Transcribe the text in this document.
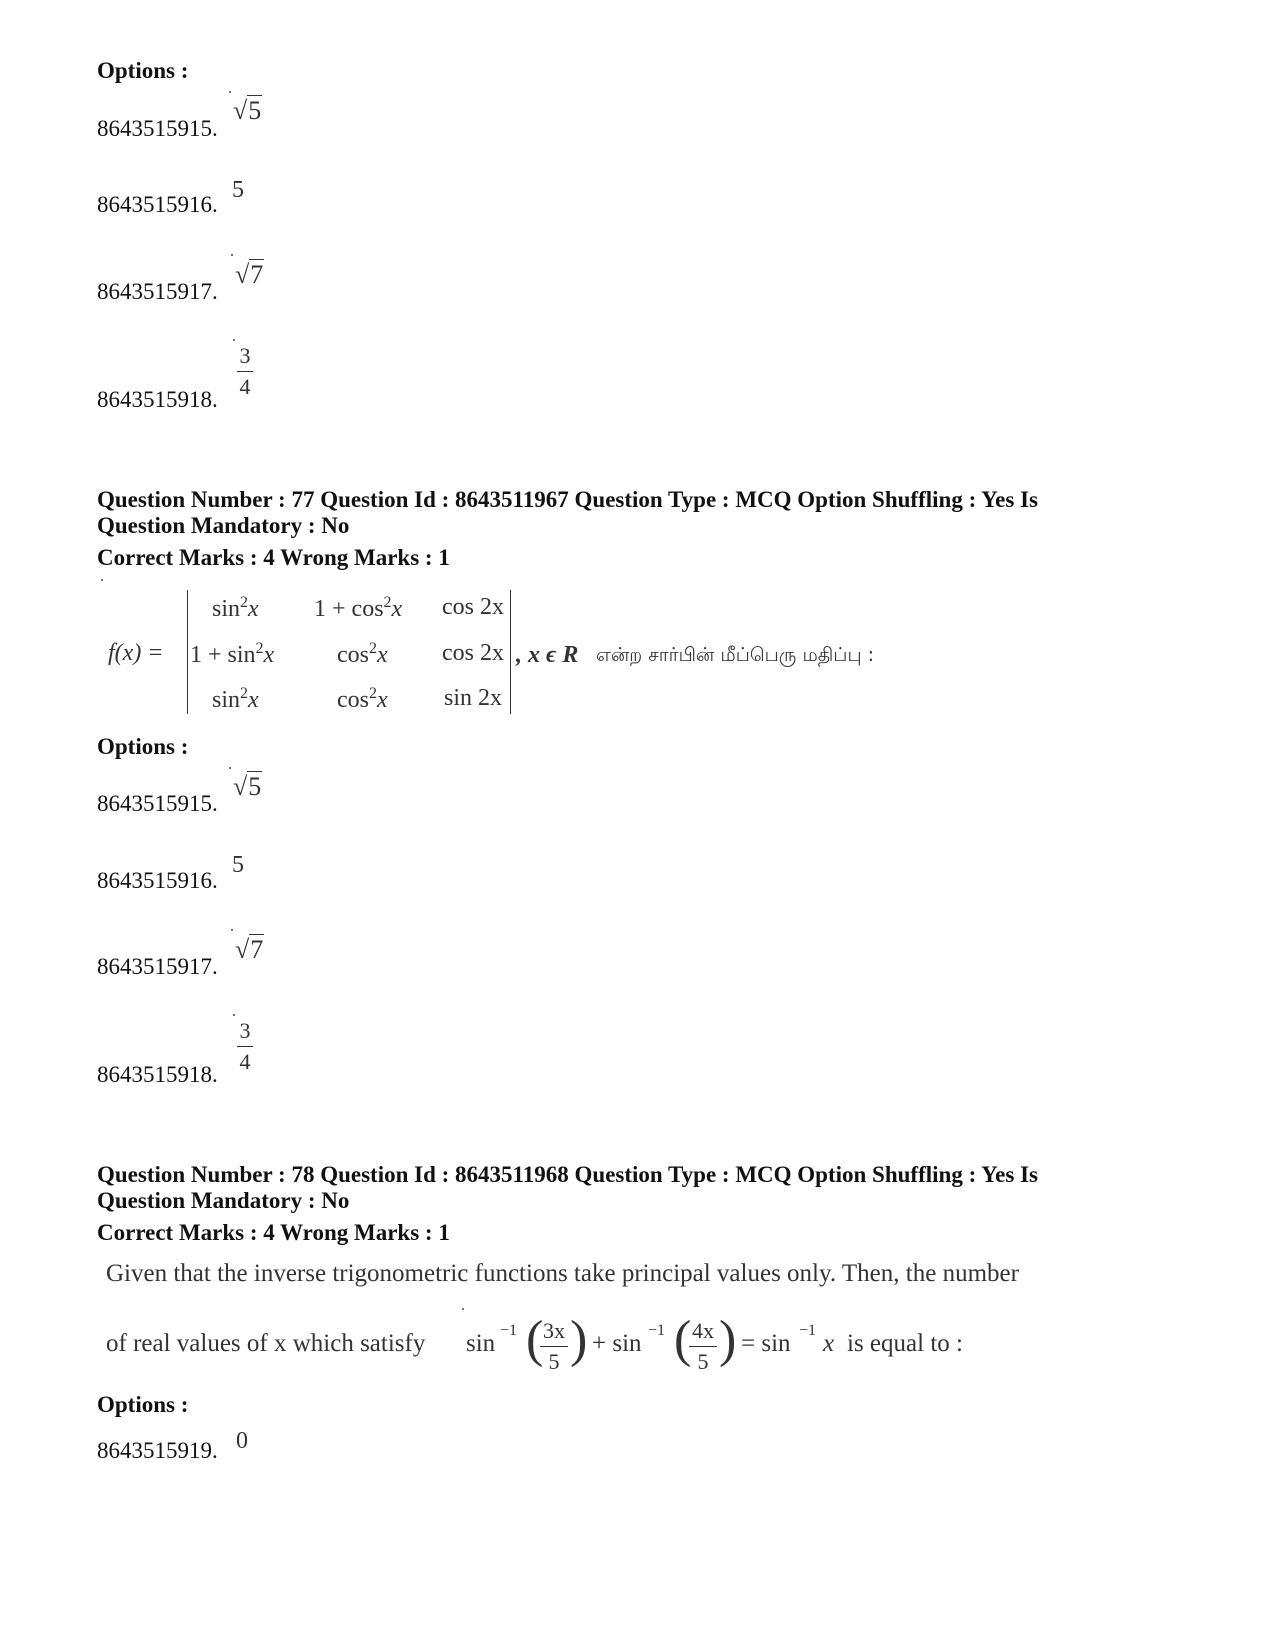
Options :
8643515915.
√5
8643515916.
5
8643515917.
√7
8643515918.
3
4
Question Number : 77 Question Id : 8643511967 Question Type : MCQ Option Shuffling : Yes Is
Question Mandatory : No
Correct Marks : 4 Wrong Marks : 1
f(x) =
$\sin^2x$ $1 + \cos^2x$ cos 2x
$1 + \sin^2x$	$\cos^2x$ cos 2x
$\sin^2x$	$\cos^2x$ sin 2x
, x ϵ R என்ற சார்பின் மீப்பெரு மதிப்பு :
Options :
8643515915.
√5
8643515916.
5
8643515917.
√7
8643515918.
3
4
Question Number : 78 Question Id : 8643511968 Question Type : MCQ Option Shuffling : Yes Is
Question Mandatory : No
Correct Marks : 4 Wrong Marks : 1
Given that the inverse trigonometric functions take principal values only. Then, the number
of real values of x which satisfy sin −1 ( 3x
5 ) + sin −1 ( 4x
5 ) = sin −1 x is equal to :
Options :
8643515919. 0
